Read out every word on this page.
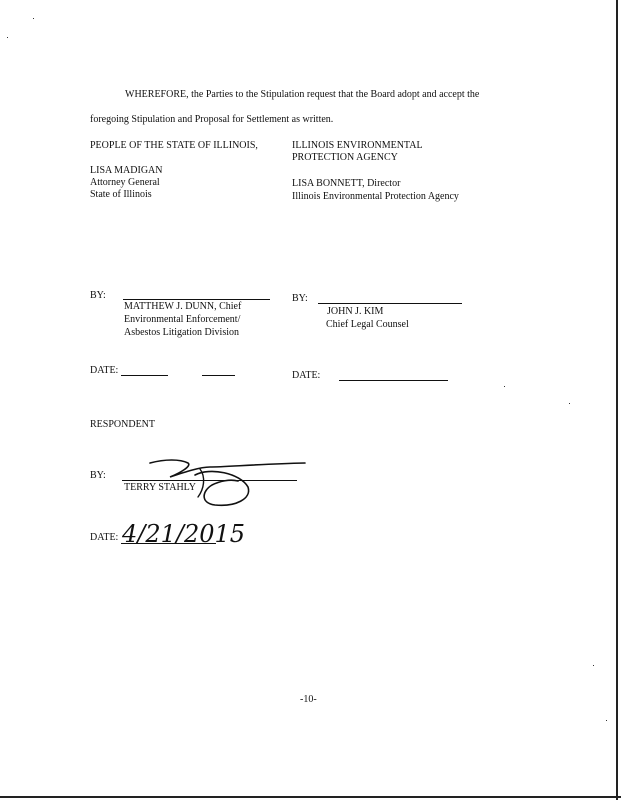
WHEREFORE, the Parties to the Stipulation request that the Board adopt and accept the
foregoing Stipulation and Proposal for Settlement as written.
PEOPLE OF THE STATE OF ILLINOIS,
LISA MADIGAN
Attorney General
State of Illinois
ILLINOIS ENVIRONMENTAL
PROTECTION AGENCY
LISA BONNETT, Director
Illinois Environmental Protection Agency
BY:
MATTHEW J. DUNN, Chief
Environmental Enforcement/
Asbestos Litigation Division
BY:
JOHN J. KIM
Chief Legal Counsel
DATE:	DATE:
RESPONDENT
BY:
TERRY STAHLY
DATE: 4/21/2015
-10-
